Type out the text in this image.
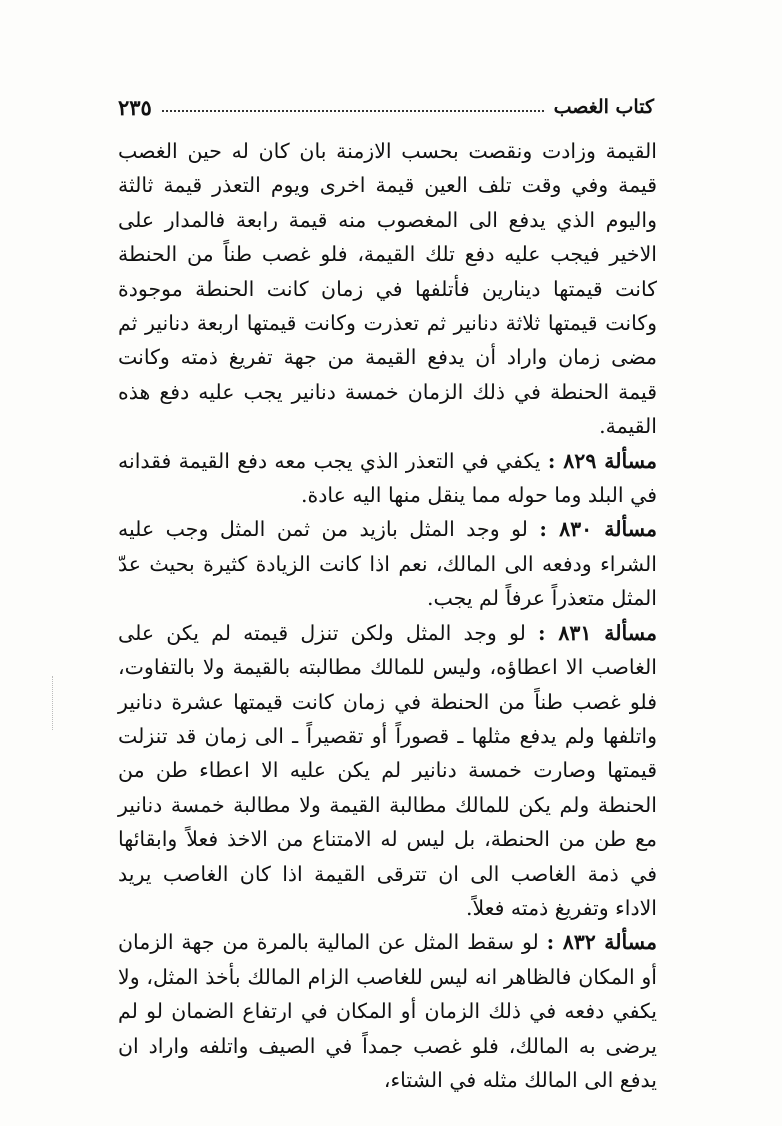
كتاب الغصب
٢٣٥

القيمة وزادت ونقصت بحسب الازمنة بان كان له حين الغصب قيمة وفي وقت تلف العين قيمة اخرى ويوم التعذر قيمة ثالثة واليوم الذي يدفع الى المغصوب منه قيمة رابعة فالمدار على الاخير فيجب عليه دفع تلك القيمة، فلو غصب طناً من الحنطة كانت قيمتها دينارين فأتلفها في زمان كانت الحنطة موجودة وكانت قيمتها ثلاثة دنانير ثم تعذرت وكانت قيمتها اربعة دنانير ثم مضى زمان واراد أن يدفع القيمة من جهة تفريغ ذمته وكانت قيمة الحنطة في ذلك الزمان خمسة دنانير يجب عليه دفع هذه القيمة.

مسألة ٨٢٩ : يكفي في التعذر الذي يجب معه دفع القيمة فقدانه في البلد وما حوله مما ينقل منها اليه عادة.

مسألة ٨٣٠ : لو وجد المثل بازيد من ثمن المثل وجب عليه الشراء ودفعه الى المالك، نعم اذا كانت الزيادة كثيرة بحيث عدّ المثل متعذراً عرفاً لم يجب.

مسألة ٨٣١ : لو وجد المثل ولكن تنزل قيمته لم يكن على الغاصب الا اعطاؤه، وليس للمالك مطالبته بالقيمة ولا بالتفاوت، فلو غصب طناً من الحنطة في زمان كانت قيمتها عشرة دنانير واتلفها ولم يدفع مثلها ـ قصوراً أو تقصيراً ـ الى زمان قد تنزلت قيمتها وصارت خمسة دنانير لم يكن عليه الا اعطاء طن من الحنطة ولم يكن للمالك مطالبة القيمة ولا مطالبة خمسة دنانير مع طن من الحنطة، بل ليس له الامتناع من الاخذ فعلاً وابقائها في ذمة الغاصب الى ان تترقى القيمة اذا كان الغاصب يريد الاداء وتفريغ ذمته فعلاً.

مسألة ٨٣٢ : لو سقط المثل عن المالية بالمرة من جهة الزمان أو المكان فالظاهر انه ليس للغاصب الزام المالك بأخذ المثل، ولا يكفي دفعه في ذلك الزمان أو المكان في ارتفاع الضمان لو لم يرضى به المالك، فلو غصب جمداً في الصيف واتلفه واراد ان يدفع الى المالك مثله في الشتاء،
